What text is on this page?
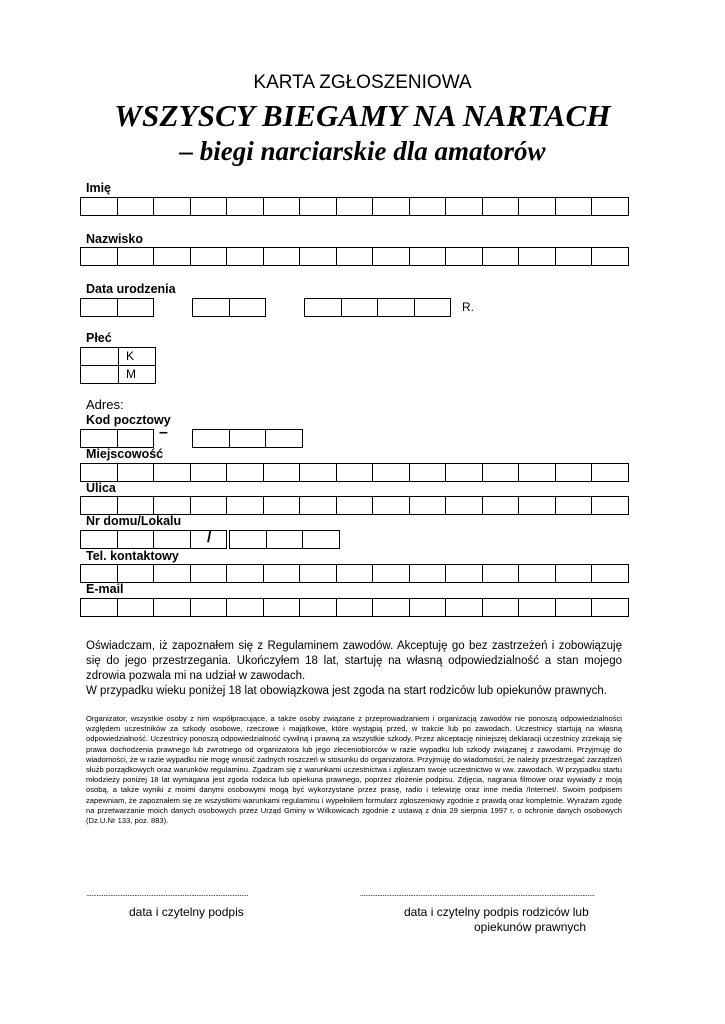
KARTA ZGŁOSZENIOWA
WSZYSCY BIEGAMY NA NARTACH
– biegi narciarskie dla amatorów
Imię
Nazwisko
Data urodzenia
R.
Płeć
K
M
Adres:
Kod pocztowy
–
Miejscowość
Ulica
Nr domu/Lokalu
/
Tel. kontaktowy
E-mail

Oświadczam, iż zapoznałem się z Regulaminem zawodów. Akceptuję go bez zastrzeżeń i zobowiązuję się do jego przestrzegania. Ukończyłem 18 lat, startuję na własną odpowiedzialność a stan mojego zdrowia pozwala mi na udział w zawodach.

W przypadku wieku poniżej 18 lat obowiązkowa jest zgoda na start rodziców lub opiekunów prawnych.

Organizator, wszystkie osoby z nim współpracujące, a także osoby związane z przeprowadzaniem i organizacją zawodów nie ponoszą odpowiedzialności względem uczestników za szkody osobowe, rzeczowe i majątkowe, które wystąpią przed, w trakcie lub po zawodach. Uczestnicy startują na własną odpowiedzialność. Uczestnicy ponoszą odpowiedzialność cywilną i prawną za wszystkie szkody. Przez akceptację niniejszej deklaracji uczestnicy zrzekają się prawa dochodzenia prawnego lub zwrotnego od organizatora lub jego zleceniobiorców w razie wypadku lub szkody związanej z zawodami. Przyjmuję do wiadomości, że w razie wypadku nie mogę wnosić żadnych roszczeń w stosunku do organizatora. Przyjmuję do wiadomości, że należy przestrzegać zarządzeń służb porządkowych oraz warunków regulaminu. Zgadzam się z warunkami uczestnictwa i zgłaszam swoje uczestnictwo w ww. zawodach. W przypadku startu młodzieży poniżej 18 lat wymagana jest zgoda rodzica lub opiekuna prawnego, poprzez złożenie podpisu. Zdjęcia, nagrania filmowe oraz wywiady z moją osobą, a także wyniki z moimi danymi osobowymi mogą być wykorzystane przez prasę, radio i telewizję oraz inne media /Internet/. Swoim podpisem zapewniam, że zapoznałem się ze wszystkimi warunkami regulaminu i wypełniłem formularz zgłoszeniowy zgodnie z prawdą oraz kompletnie. Wyrażam zgodę na przetwarzanie moich danych osobowych przez Urząd Gminy w Wilkowicach zgodnie z ustawą z dnia 29 sierpnia 1997 r. o ochronie danych osobowych (Dz.U.Nr 133, poz. 883).
..............................................................................................
data i czytelny podpis
........................................................................................................................................
data i czytelny podpis rodziców lub
opiekunów prawnych
